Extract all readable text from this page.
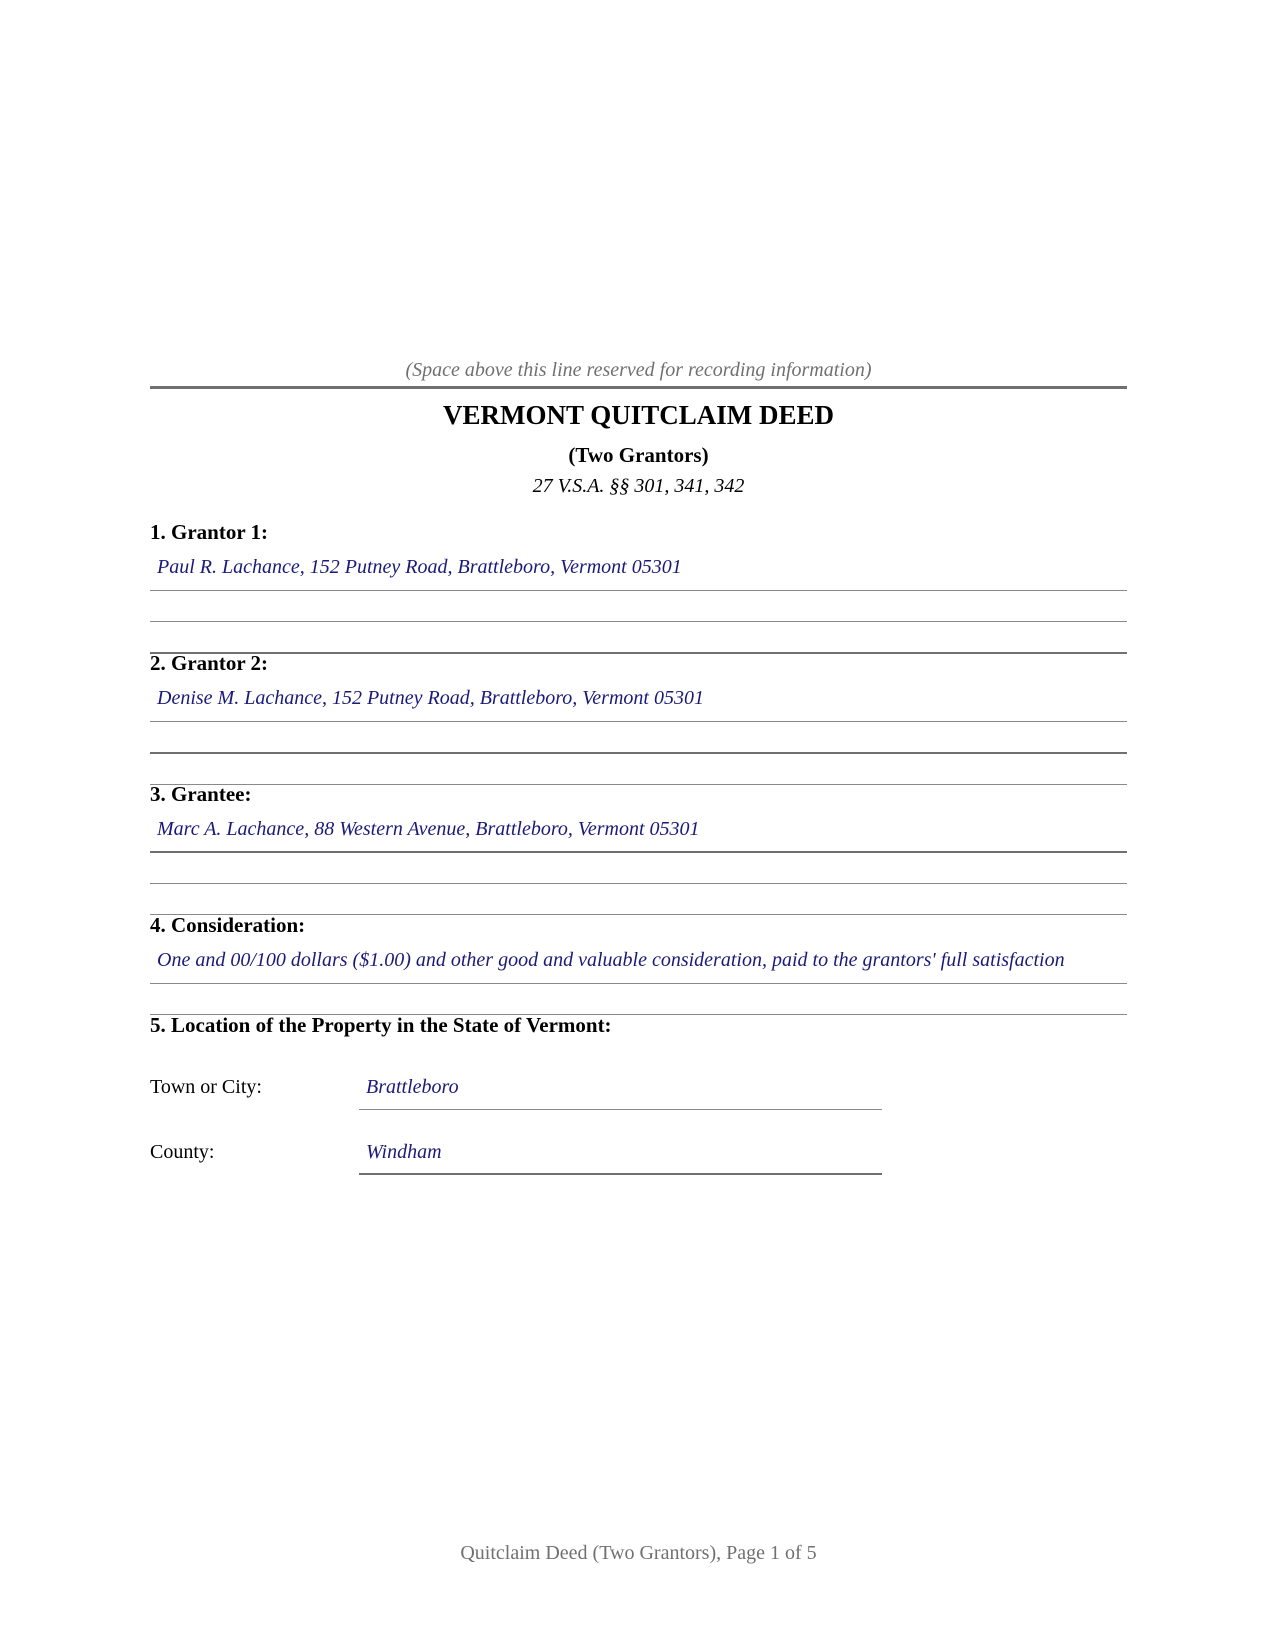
(Space above this line reserved for recording information)
VERMONT QUITCLAIM DEED
(Two Grantors)
27 V.S.A. §§ 301, 341, 342
1. Grantor 1:
Paul R. Lachance, 152 Putney Road, Brattleboro, Vermont 05301
2. Grantor 2:
Denise M. Lachance, 152 Putney Road, Brattleboro, Vermont 05301
3. Grantee:
Marc A. Lachance, 88 Western Avenue, Brattleboro, Vermont 05301
4. Consideration:
One and 00/100 dollars ($1.00) and other good and valuable consideration, paid to the grantors' full satisfaction
5. Location of the Property in the State of Vermont:
Town or City:	Brattleboro
County:	Windham
Quitclaim Deed (Two Grantors), Page 1 of 5
